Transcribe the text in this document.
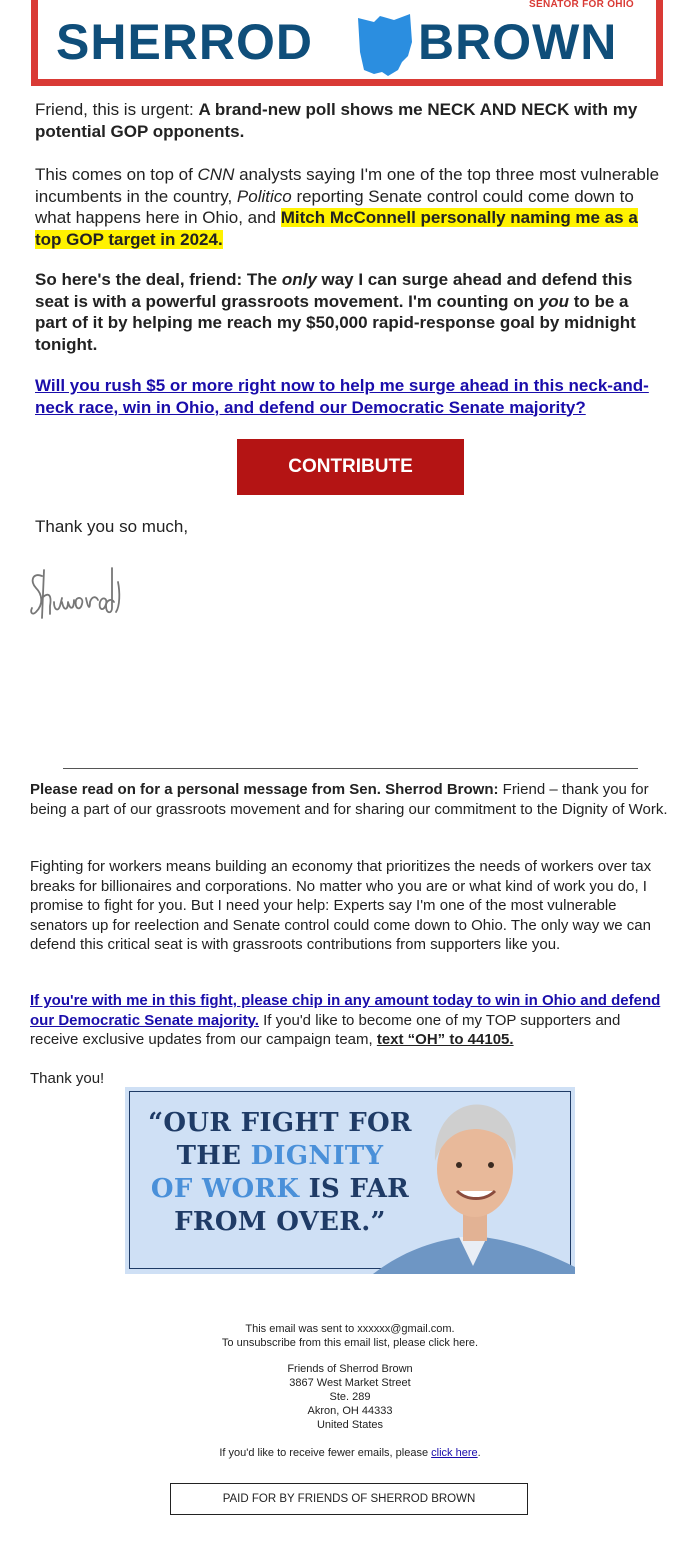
SENATOR FOR OHIO
SHERROD BROWN
Friend, this is urgent: A brand-new poll shows me NECK AND NECK with my potential GOP opponents.
This comes on top of CNN analysts saying I'm one of the top three most vulnerable incumbents in the country, Politico reporting Senate control could come down to what happens here in Ohio, and Mitch McConnell personally naming me as a top GOP target in 2024.
So here's the deal, friend: The only way I can surge ahead and defend this seat is with a powerful grassroots movement. I'm counting on you to be a part of it by helping me reach my $50,000 rapid-response goal by midnight tonight.
Will you rush $5 or more right now to help me surge ahead in this neck-and-neck race, win in Ohio, and defend our Democratic Senate majority?
CONTRIBUTE
Thank you so much,
Please read on for a personal message from Sen. Sherrod Brown: Friend – thank you for being a part of our grassroots movement and for sharing our commitment to the Dignity of Work.
Fighting for workers means building an economy that prioritizes the needs of workers over tax breaks for billionaires and corporations. No matter who you are or what kind of work you do, I promise to fight for you. But I need your help: Experts say I'm one of the most vulnerable senators up for reelection and Senate control could come down to Ohio. The only way we can defend this critical seat is with grassroots contributions from supporters like you.
If you're with me in this fight, please chip in any amount today to win in Ohio and defend our Democratic Senate majority. If you'd like to become one of my TOP supporters and receive exclusive updates from our campaign team, text “OH” to 44105.
Thank you!
“OUR FIGHT FOR
THE DIGNITY
OF WORK IS FAR
FROM OVER.”
This email was sent to xxxxxx@gmail.com.
To unsubscribe from this email list, please click here.
Friends of Sherrod Brown
3867 West Market Street
Ste. 289
Akron, OH 44333
United States
If you'd like to receive fewer emails, please click here.
PAID FOR BY FRIENDS OF SHERROD BROWN
